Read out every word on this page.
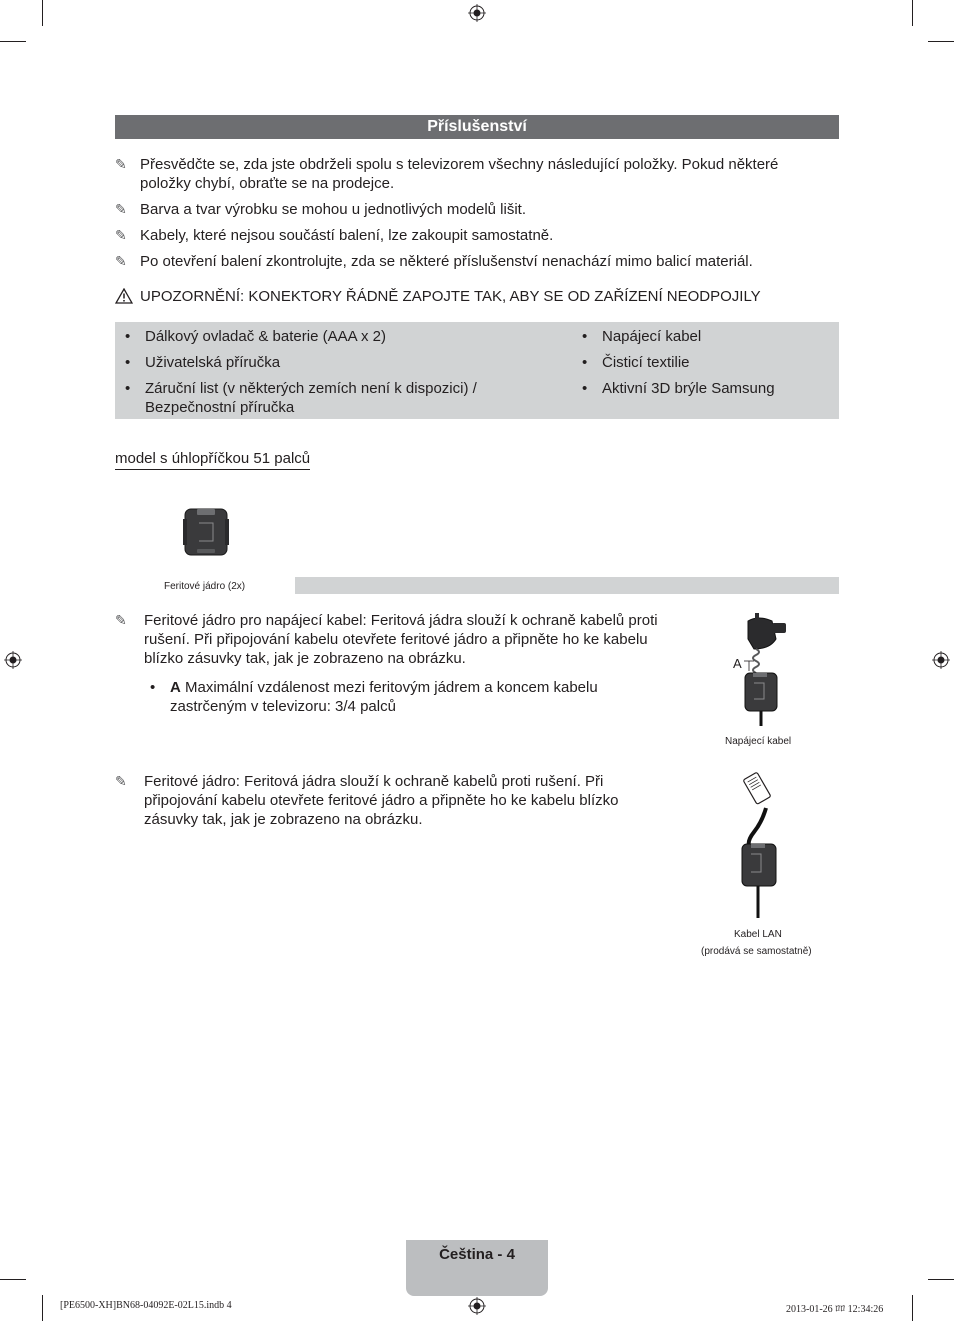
Příslušenství
✎ Přesvědčte se, zda jste obdrželi spolu s televizorem všechny následující položky. Pokud některé položky chybí, obraťte se na prodejce.
✎ Barva a tvar výrobku se mohou u jednotlivých modelů lišit.
✎ Kabely, které nejsou součástí balení, lze zakoupit samostatně.
✎ Po otevření balení zkontrolujte, zda se některé příslušenství nenachází mimo balicí materiál.
UPOZORNĚNÍ: KONEKTORY ŘÁDNĚ ZAPOJTE TAK, ABY SE OD ZAŘÍZENÍ NEODPOJILY
• Dálkový ovladač & baterie (AAA x 2)
• Uživatelská příručka
• Záruční list (v některých zemích není k dispozici) / Bezpečnostní příručka
• Napájecí kabel
• Čisticí textilie
• Aktivní 3D brýle Samsung
model s úhlopříčkou 51 palců
Feritové jádro (2x)
✎ Feritové jádro pro napájecí kabel: Feritová jádra slouží k ochraně kabelů proti rušení. Při připojování kabelu otevřete feritové jádro a připněte ho ke kabelu blízko zásuvky tak, jak je zobrazeno na obrázku.
• A Maximální vzdálenost mezi feritovým jádrem a koncem kabelu zastrčeným v televizoru: 3/4 palců
A
Napájecí kabel
✎ Feritové jádro: Feritová jádra slouží k ochraně kabelů proti rušení. Při připojování kabelu otevřete feritové jádro a připněte ho ke kabelu blízko zásuvky tak, jak je zobrazeno na obrázku.
Kabel LAN
(prodává se samostatně)
Čeština - 4
[PE6500-XH]BN68-04092E-02L15.indb 4	2013-01-26 ﾛﾛ 12:34:26
